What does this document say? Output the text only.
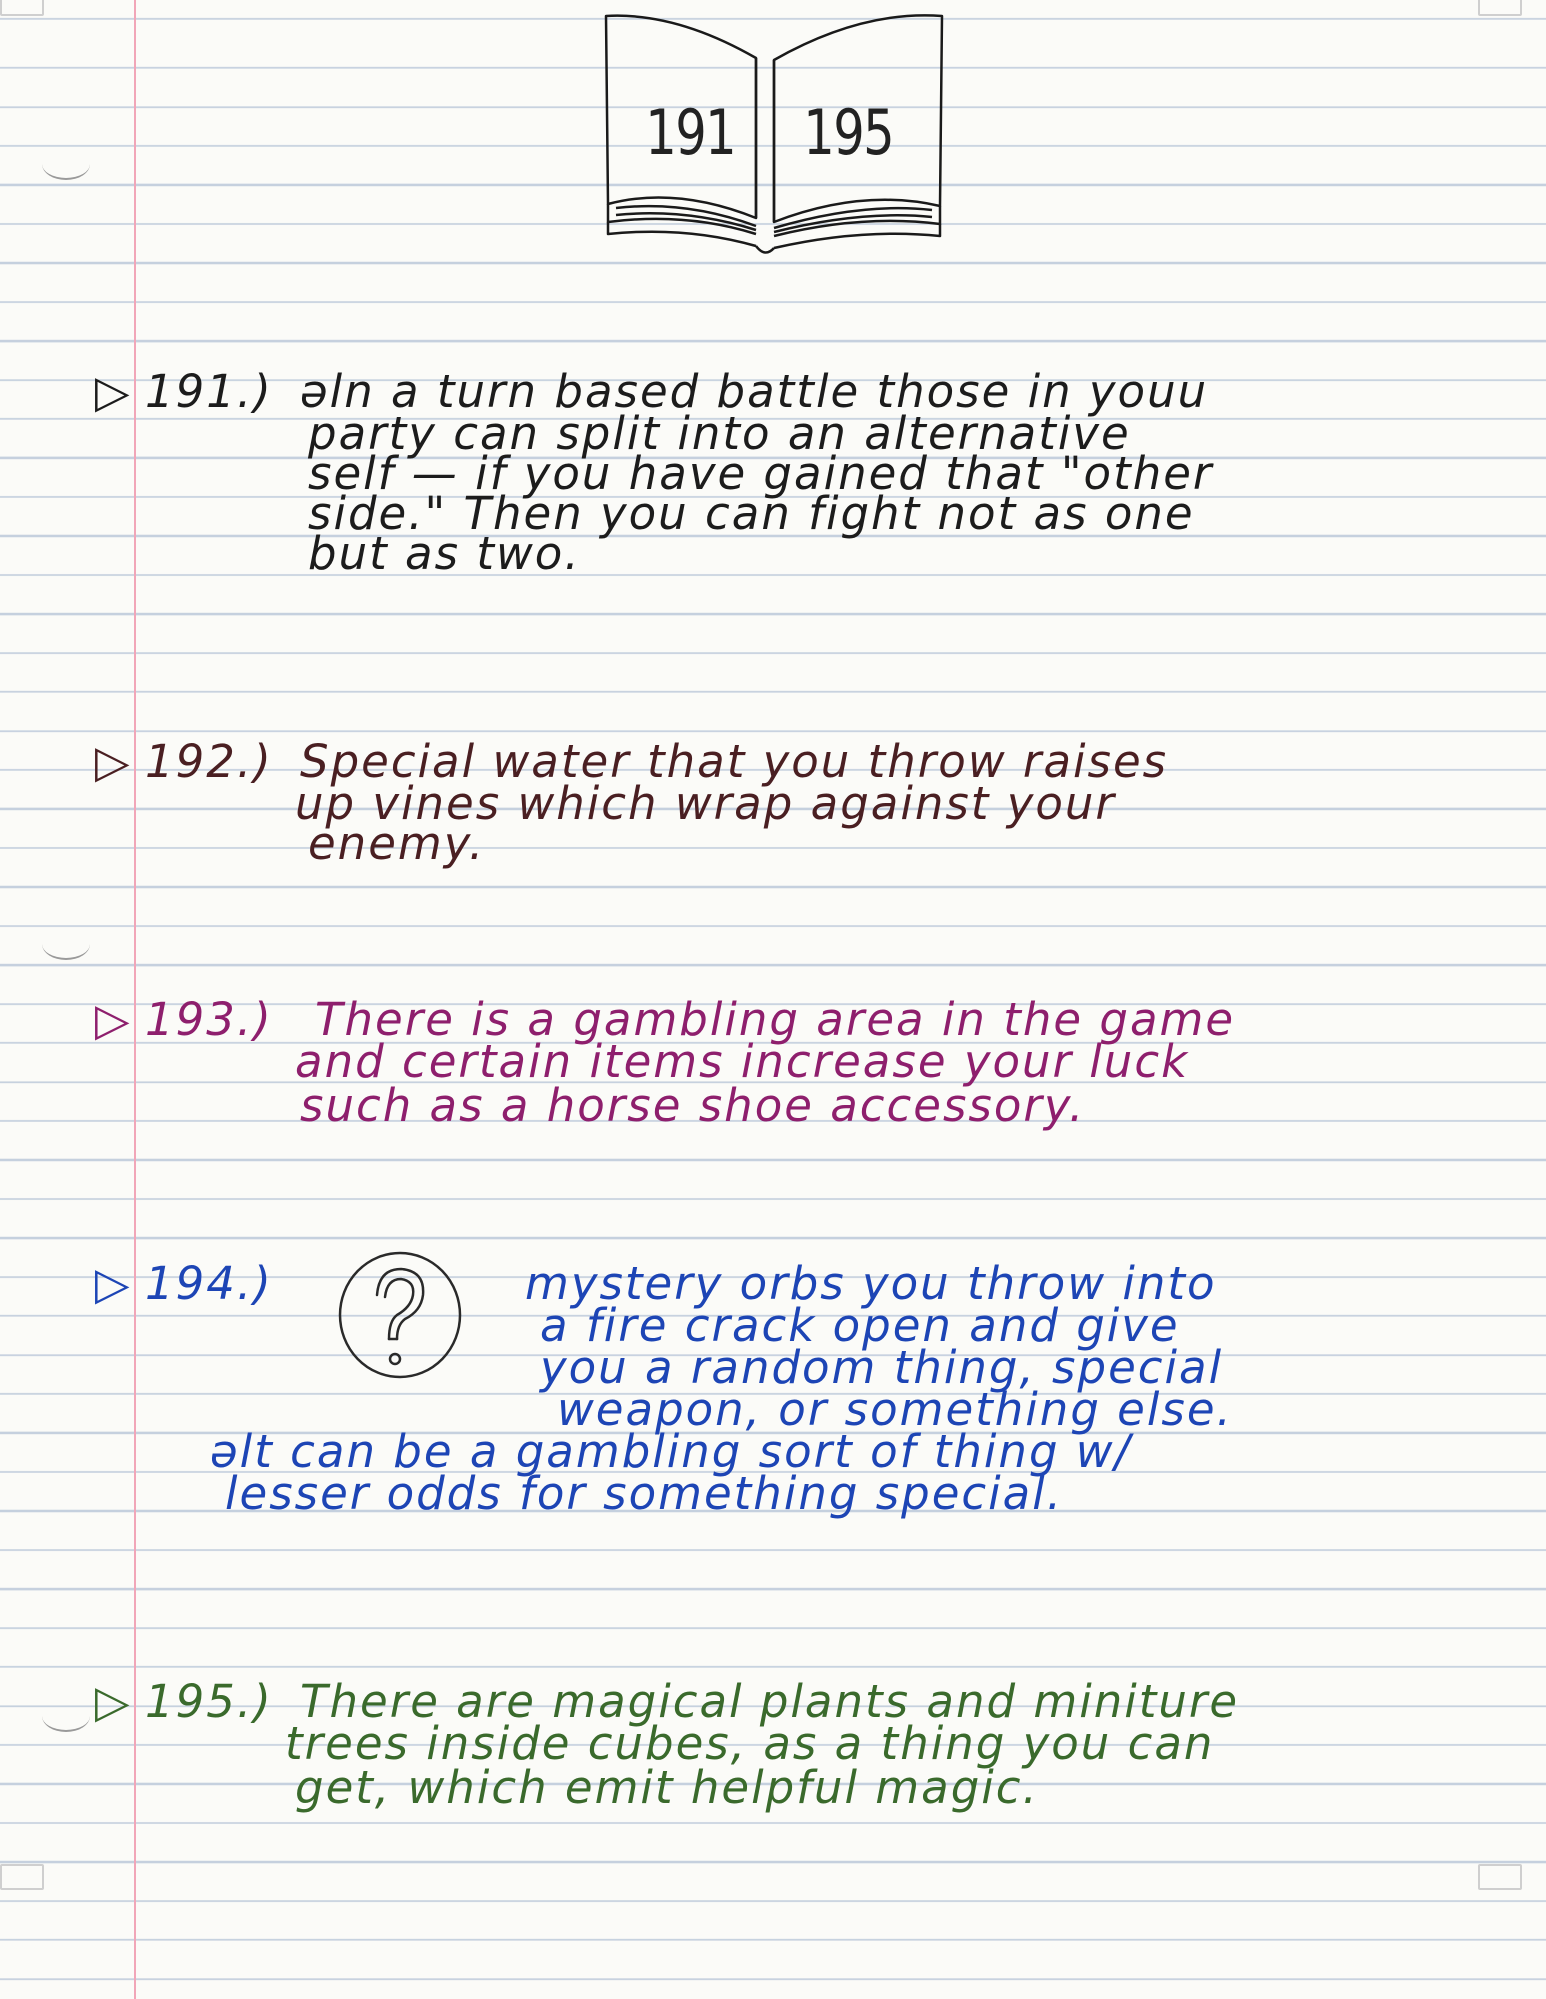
191 195
▷ 191.) ǝln a turn based battle those in youu
party can split into an alternative
self — if you have gained that "other
side." Then you can fight not as one
but as two.
▷ 192.) Special water that you throw raises
up vines which wrap against your
enemy.
▷ 193.) There is a gambling area in the game
and certain items increase your luck
such as a horse shoe accessory.
▷ 194.)	mystery orbs you throw into
a fire crack open and give
you a random thing, special
weapon, or something else.
ǝlt can be a gambling sort of thing w/
lesser odds for something special.
▷ 195.) There are magical plants and miniture
trees inside cubes, as a thing you can
get, which emit helpful magic.
